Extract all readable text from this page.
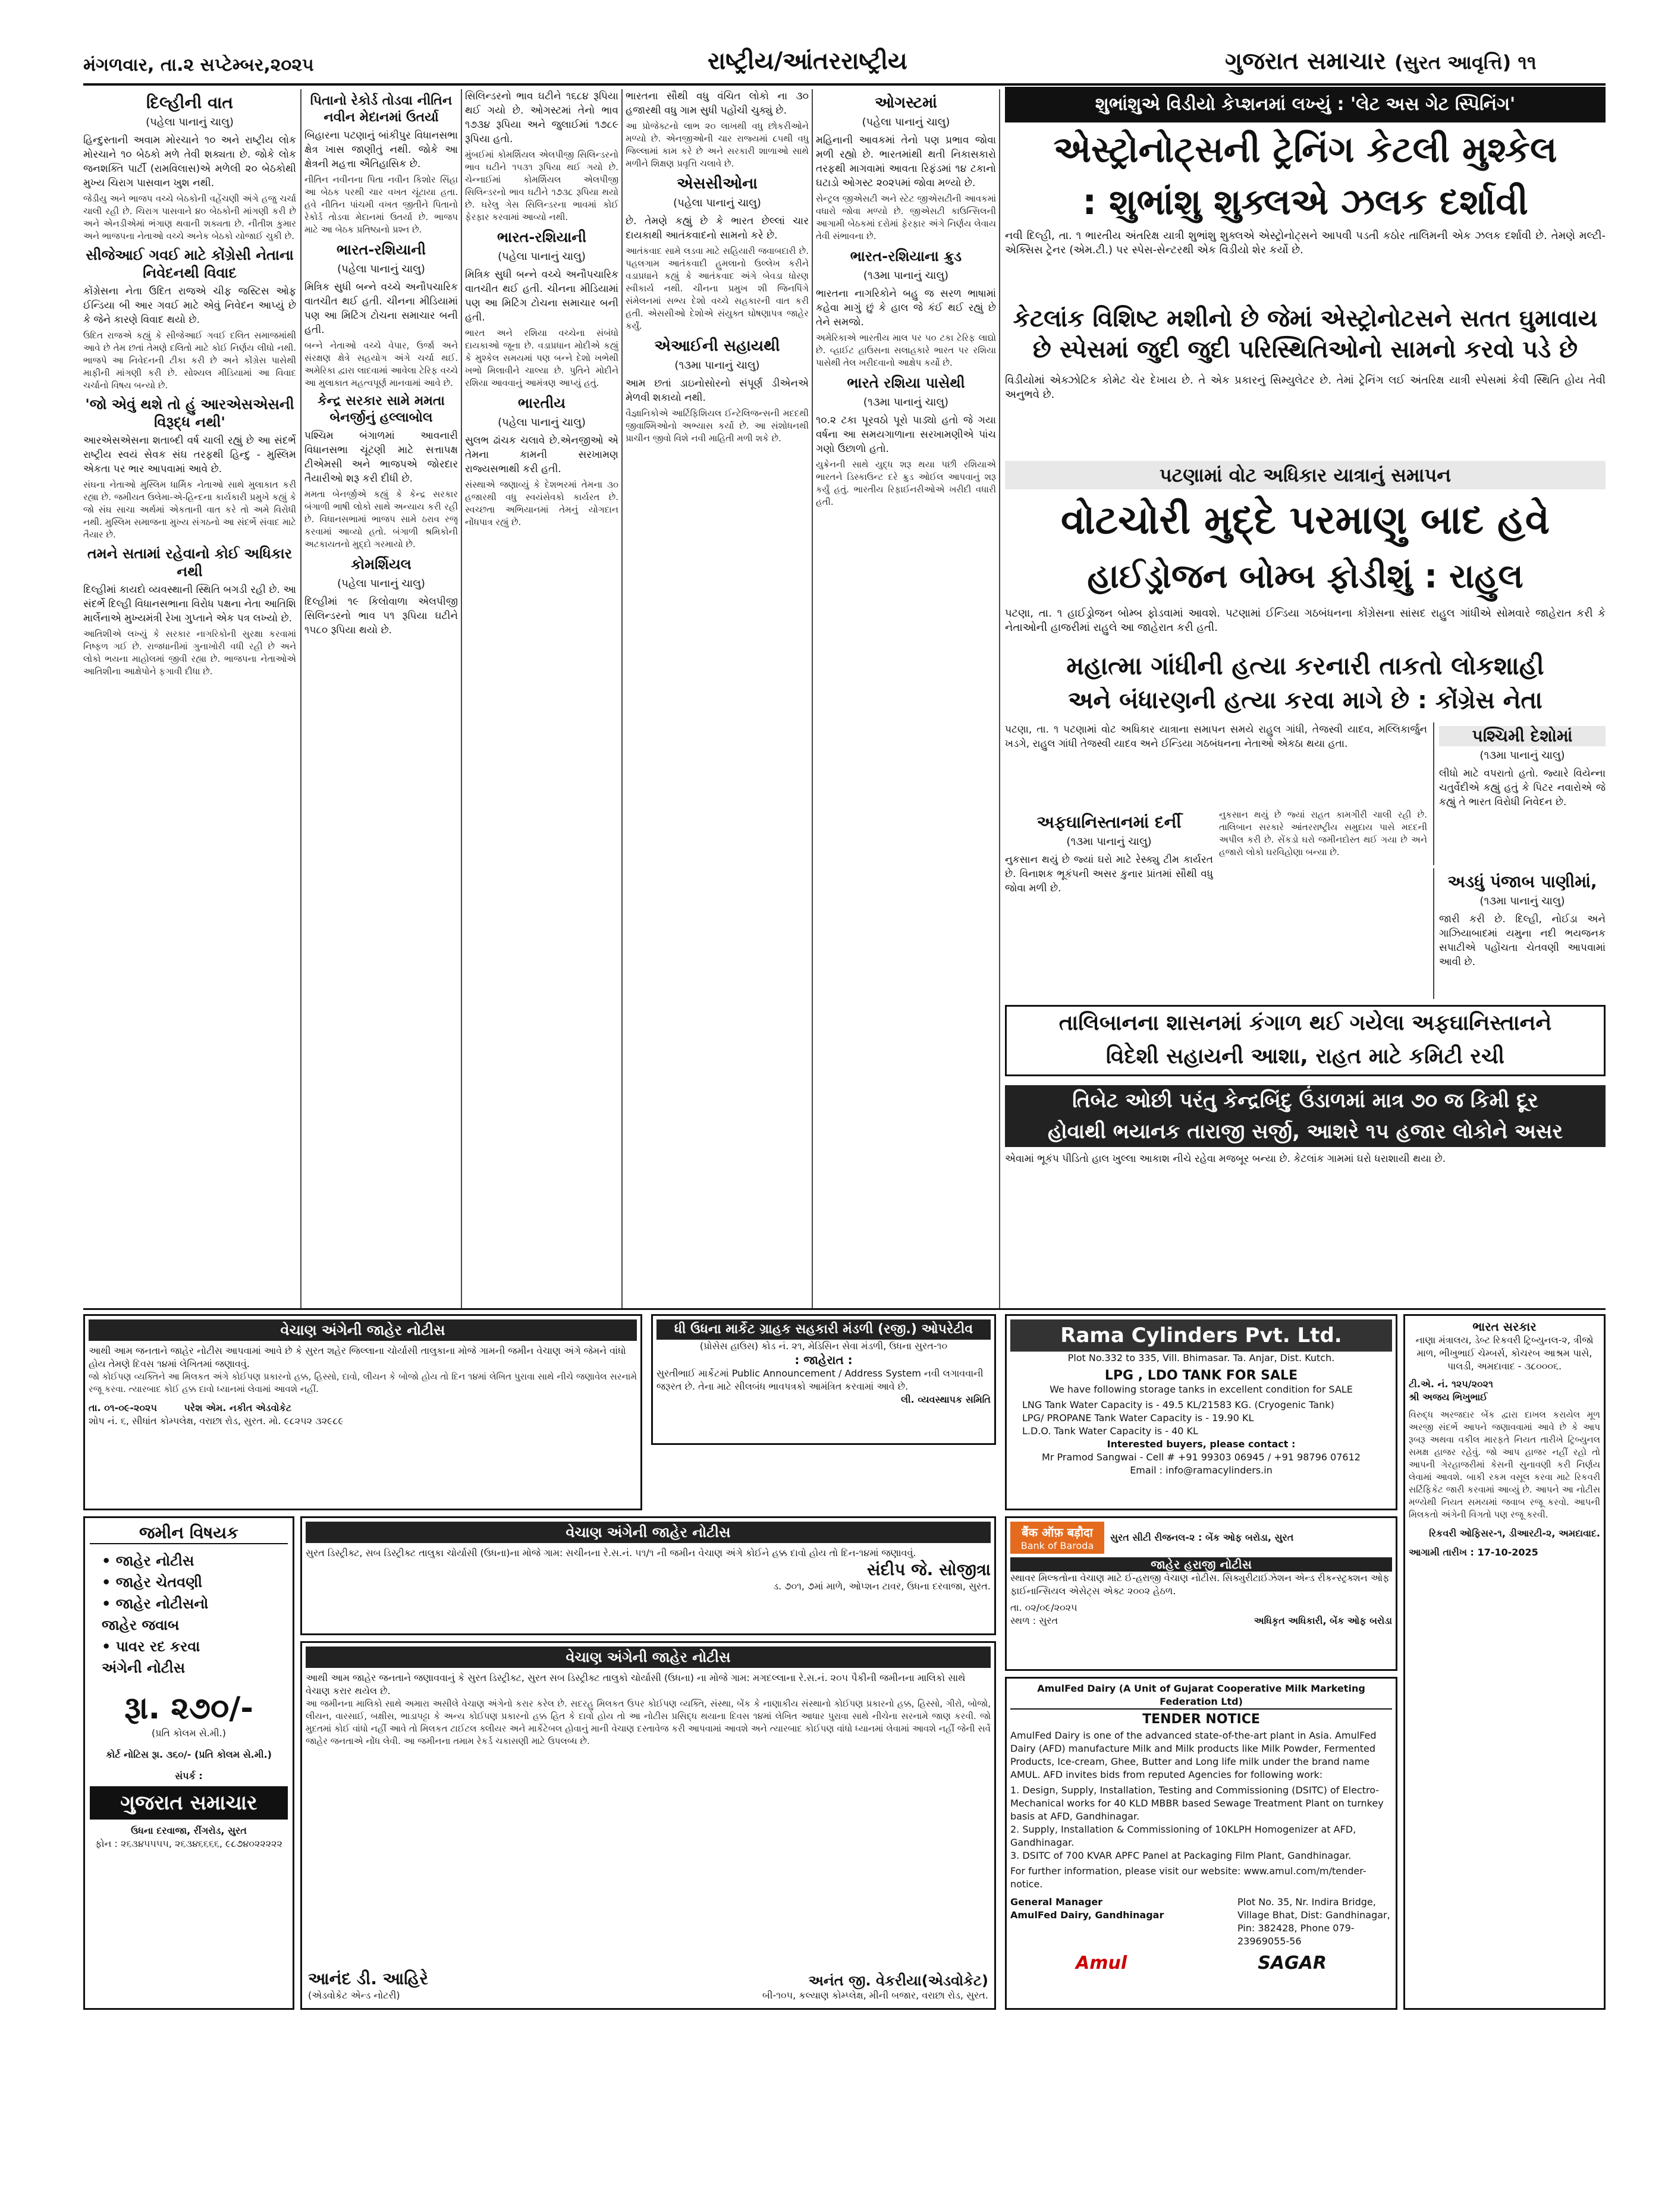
મંગળવાર, તા.૨ સપ્ટેમ્બર,૨૦૨૫	રાષ્ટ્રીય/આંતરરાષ્ટ્રીય	ગુજરાત સમાચાર (સુરત આવૃત્તિ) ૧૧
દિલ્હીની વાત
(પહેલા પાનાનું ચાલુ)

હિન્દુસ્તાની અવામ મોરચાને ૧૦ અને રાષ્ટ્રીય લોક મોરચાને ૧૦ બેઠકો મળે તેવી શક્યતા છે. જોકે લોક જનશક્તિ પાર્ટી (રામવિલાસ)એ મળેલી ૨૦ બેઠકોથી મુખ્ય ચિરાગ પાસવાન ખુશ નથી.

જેડીયુ અને ભાજપ વચ્ચે બેઠકોની વહેંચણી અંગે હજુ ચર્ચા ચાલી રહી છે. ચિરાગ પાસવાને ૪૦ બેઠકોની માંગણી કરી છે અને એનડીએમાં ભંગાણ થવાની શક્યતા છે. નીતીશ કુમાર અને ભાજપના નેતાઓ વચ્ચે અનેક બેઠકો યોજાઈ ચુકી છે.

સીજેઆઈ ગવઈ માટે કોંગ્રેસી નેતાના નિવેદનથી વિવાદ

કોંગ્રેસના નેતા ઉદિત રાજએ ચીફ જસ્ટિસ ઓફ ઈન્ડિયા બી આર ગવઈ માટે એવું નિવેદન આપ્યું છે કે જેને કારણે વિવાદ થયો છે.

ઉદિત રાજએ કહ્યું કે સીજેઆઈ ગવઈ દલિત સમાજમાંથી આવે છે તેમ છતાં તેમણે દલિતો માટે કોઈ નિર્ણય લીધો નથી. ભાજપે આ નિવેદનની ટીકા કરી છે અને કોંગ્રેસ પાસેથી માફીની માંગણી કરી છે. સોશ્યલ મીડિયામાં આ વિવાદ ચર્ચાનો વિષય બન્યો છે.

'જો એવું થશે તો હું આરએસએસની વિરૂદ્ધ નથી'

આરએસએસના શતાબ્દી વર્ષ ચાલી રહ્યું છે આ સંદર્ભે રાષ્ટ્રીય સ્વયં સેવક સંઘ તરફથી હિન્દુ - મુસ્લિમ એકતા પર ભાર આપવામાં આવે છે.

સંઘના નેતાઓ મુસ્લિમ ધાર્મિક નેતાઓ સાથે મુલાકાત કરી રહ્યા છે. જમીયત ઉલેમા-એ-હિન્દના કાર્યકારી પ્રમુખે કહ્યું કે જો સંઘ સાચા અર્થમાં એકતાની વાત કરે તો અમે વિરોધી નથી. મુસ્લિમ સમાજના મુખ્ય સંગઠનો આ સંદર્ભે સંવાદ માટે તૈયાર છે.

તમને સતામાં રહેવાનો કોઈ અધિકાર નથી

દિલ્હીમાં કાયદો વ્યવસ્થાની સ્થિતિ બગડી રહી છે. આ સંદર્ભે દિલ્હી વિધાનસભાના વિરોધ પક્ષના નેતા આતિશિ માર્લેનાએ મુખ્યમંત્રી રેખા ગુપ્તાને એક પત્ર લખ્યો છે.

આતિશીએ લખ્યું કે સરકાર નાગરિકોની સુરક્ષા કરવામાં નિષ્ફળ ગઈ છે. રાજધાનીમાં ગુનાખોરી વધી રહી છે અને લોકો ભયના માહોલમાં જીવી રહ્યા છે. ભાજપના નેતાઓએ આતિશીના આક્ષેપોને ફગાવી દીધા છે.

પિતાનો રેકોર્ડ તોડવા નીતિન નવીન મેદાનમાં ઉતર્યા

બિહારના પટણાનું બાંકીપુર વિધાનસભા ક્ષેત્ર ખાસ જાણીતું નથી. જોકે આ ક્ષેત્રની મહત્તા ઐતિહાસિક છે.

નીતિન નવીનના પિતા નવીન કિશોર સિંહા આ બેઠક પરથી ચાર વખત ચૂંટાયા હતા. હવે નીતિન પાંચમી વખત જીતીને પિતાનો રેકોર્ડ તોડવા મેદાનમાં ઉતર્યા છે. ભાજપ માટે આ બેઠક પ્રતિષ્ઠાનો પ્રશ્ન છે.

ભારત-રશિયાની
(પહેલા પાનાનું ચાલુ)

મિત્રિક સુધી બન્ને વચ્ચે અનૌપચારિક વાતચીત થઈ હતી. ચીનના મીડિયામાં પણ આ મિટિંગ ટોચના સમાચાર બની હતી.

બન્ને નેતાઓ વચ્ચે વેપાર, ઉર્જા અને સંરક્ષણ ક્ષેત્રે સહયોગ અંગે ચર્ચા થઈ. અમેરિકા દ્વારા લાદવામાં આવેલા ટેરિફ વચ્ચે આ મુલાકાત મહત્વપૂર્ણ માનવામાં આવે છે.

કેન્દ્ર સરકાર સામે મમતા બેનર્જીનું હલ્લાબોલ

પશ્ચિમ બંગાળમાં આવનારી વિધાનસભા ચૂંટણી માટે સત્તાપક્ષ ટીએમસી અને ભાજપએ જોરદાર તૈયારીઓ શરૂ કરી દીધી છે.

મમતા બેનર્જીએ કહ્યું કે કેન્દ્ર સરકાર બંગાળી ભાષી લોકો સાથે અન્યાય કરી રહી છે. વિધાનસભામાં ભાજપ સામે ઠરાવ રજૂ કરવામાં આવ્યો હતો. બંગાળી શ્રમિકોની અટકાયતનો મુદ્દો ગરમાયો છે.

કોમર્શિયલ
(પહેલા પાનાનું ચાલુ)

દિલ્હીમાં ૧૯ કિલોવાળા એલપીજી સિલિન્ડરનો ભાવ ૫૧ રૂપિયા ઘટીને ૧૫૮૦ રૂપિયા થયો છે.

સિલિન્ડરનો ભાવ ઘટીને ૧૬૮૪ રૂપિયા થઈ ગયો છે. ઓગસ્ટમાં તેનો ભાવ ૧૭૩૪ રૂપિયા અને જુલાઈમાં ૧૭૮૯ રૂપિયા હતો.

મુંબઈમાં કોમર્શિયલ એલપીજી સિલિન્ડરનો ભાવ ઘટીને ૧૫૩૧ રૂપિયા થઈ ગયો છે. ચેન્નાઈમાં કોમર્શિયલ એલપીજી સિલિન્ડરનો ભાવ ઘટીને ૧૭૩૮ રૂપિયા થયો છે. ઘરેલુ ગેસ સિલિન્ડરના ભાવમાં કોઈ ફેરફાર કરવામાં આવ્યો નથી.

ભારત-રશિયાની
(પહેલા પાનાનું ચાલુ)

મિત્રિક સુધી બન્ને વચ્ચે અનૌપચારિક વાતચીત થઈ હતી. ચીનના મીડિયામાં પણ આ મિટિંગ ટોચના સમાચાર બની હતી.

ભારત અને રશિયા વચ્ચેના સંબંધો દાયકાઓ જૂના છે. વડાપ્રધાન મોદીએ કહ્યું કે મુશ્કેલ સમયમાં પણ બન્ને દેશો ખભેથી ખભો મિલાવીને ચાલ્યા છે. પુતિને મોદીને રશિયા આવવાનું આમંત્રણ આપ્યું હતું.

ભારતીય
(પહેલા પાનાનું ચાલુ)

સુલભ ઢાંચક ચલાવે છે.એનજીઓ એ તેમના કામની સરખામણ રાજ્યસભાથી કરી હતી.

સંસ્થાએ જણાવ્યું કે દેશભરમાં તેમના ૩૦ હજારથી વધુ સ્વયંસેવકો કાર્યરત છે. સ્વચ્છતા અભિયાનમાં તેમનું યોગદાન નોંધપાત્ર રહ્યું છે.

ભારતના સૌથી વધુ વંચિત લોકો ના ૩૦ હજારથી વધુ ગામ સુધી પહોંચી ચુક્યું છે.

આ પ્રોજેક્ટનો લાભ ૨૦ લાખથી વધુ છોકરીઓને મળ્યો છે. એનજીઓની ચાર રાજ્યમાં ૮૫થી વધુ જિલ્લામાં કામ કરે છે અને સરકારી શાળાઓ સાથે મળીને શિક્ષણ પ્રવૃત્તિ ચલાવે છે.

એસસીઓના
(પહેલા પાનાનું ચાલુ)

છે. તેમણે કહ્યું છે કે ભારત છેલ્લાં ચાર દાયકાથી આતંકવાદનો સામનો કરે છે.

આતંકવાદ સામે લડવા માટે સહિયારી જવાબદારી છે. પહલગામ આતંકવાદી હુમલાનો ઉલ્લેખ કરીને વડાપ્રધાને કહ્યું કે આતંકવાદ અંગે બેવડા ધોરણ સ્વીકાર્ય નથી. ચીનના પ્રમુખ શી જિનપિંગે સંમેલનમાં સભ્ય દેશો વચ્ચે સહકારની વાત કરી હતી. એસસીઓ દેશોએ સંયુક્ત ઘોષણાપત્ર જાહેર કર્યું.

એઆઈની સહાયથી
(૧૩મા પાનાનું ચાલુ)

આમ છતાં ડાઇનોસોરનો સંપૂર્ણ ડીએનએ મેળવી શકાયો નથી.

વૈજ્ઞાનિકોએ આર્ટિફિશિયલ ઈન્ટેલિજન્સની મદદથી જીવાશ્મિઓનો અભ્યાસ કર્યો છે. આ સંશોધનથી પ્રાચીન જીવો વિશે નવી માહિતી મળી શકે છે.

ઓગસ્ટમાં
(પહેલા પાનાનું ચાલુ)

મહિનાની આવકમાં તેનો પણ પ્રભાવ જોવા મળી રહ્યો છે. ભારતમાંથી થતી નિકાસકારો તરફથી માગવામાં આવતા રિફંડમાં ૧૪ ટકાનો ઘટાડો ઓગસ્ટ ૨૦૨૫માં જોવા મળ્યો છે.

સેન્ટ્રલ જીએસટી અને સ્ટેટ જીએસટીની આવકમાં વધારો જોવા મળ્યો છે. જીએસટી કાઉન્સિલની આગામી બેઠકમાં દરોમાં ફેરફાર અંગે નિર્ણય લેવાય તેવી સંભાવના છે.

ભારત-રશિયાના ક્રુડ
(૧૩મા પાનાનું ચાલુ)

ભારતના નાગરિકોને બહુ જ સરળ ભાષામાં કહેવા માગું છું કે હાલ જે કંઈ થઈ રહ્યું છે તેને સમજો.

અમેરિકાએ ભારતીય માલ પર ૫૦ ટકા ટેરિફ લાદ્યો છે. વ્હાઈટ હાઉસના સલાહકારે ભારત પર રશિયા પાસેથી તેલ ખરીદવાનો આક્ષેપ કર્યો છે.

ભારતે રશિયા પાસેથી
(૧૩મા પાનાનું ચાલુ)

૧૦.૨ ટકા પૂરવઠો પૂરો પાડ્યો હતો જે ગયા વર્ષના આ સમયગાળાના સરખામણીએ પાંચ ગણો ઉછાળો હતો.

યુક્રેનની સાથે યુદ્ધ શરૂ થયા પછી રશિયાએ ભારતને ડિસ્કાઉન્ટ દરે ક્રુડ ઓઈલ આપવાનું શરૂ કર્યું હતું. ભારતીય રિફાઈનરીઓએ ખરીદી વધારી હતી.

શુભાંશુએ વિડીયો કેપ્શનમાં લખ્યું : 'લેટ અસ ગેટ સ્પિનિંગ'
એસ્ટ્રોનોટ્સની ટ્રેનિંગ કેટલી મુશ્કેલ
: શુભાંશુ શુક્લએ ઝલક દર્શાવી
નવી દિલ્હી, તા. ૧ ભારતીય અંતરિક્ષ યાત્રી શુભાંશુ શુક્લએ એસ્ટ્રોનોટ્સને આપવી પડતી કઠોર તાલિમની એક ઝલક દર્શાવી છે. તેમણે મલ્ટી-એક્સિસ ટ્રેનર (એમ.ટી.) પર સ્પેસ-સેન્ટરથી એક વિડીયો શેર કર્યો છે.
કેટલાંક વિશિષ્ટ મશીનો છે જેમાં એસ્ટ્રોનોટસને સતત ઘુમાવાય છે સ્પેસમાં જુદી જુદી પરિસ્થિતિઓનો સામનો કરવો પડે છે
વિડીયોમાં એક્ઝોટિક કોમેટ ચેર દેખાય છે. તે એક પ્રકારનું સિમ્યુલેટર છે. તેમાં ટ્રેનિંગ લઈ અંતરિક્ષ યાત્રી સ્પેસમાં કેવી સ્થિતિ હોય તેવી અનુભવે છે.
પટણામાં વોટ અધિકાર યાત્રાનું સમાપન
વોટચોરી મુદ્દે પરમાણુ બાદ હવે
હાઈડ્રોજન બોમ્બ ફોડીશું : રાહુલ
પટણા, તા. ૧ હાઈડ્રોજન બોમ્બ ફોડવામાં આવશે. પટણામાં ઈન્ડિયા ગઠબંધનના કોંગ્રેસના સાંસદ રાહુલ ગાંધીએ સોમવારે જાહેરાત કરી કે નેતાઓની હાજરીમાં રાહુલે આ જાહેરાત કરી હતી.
મહાત્મા ગાંધીની હત્યા કરનારી તાકતો લોકશાહી
અને બંધારણની હત્યા કરવા માગે છે : કોંગ્રેસ નેતા
પટણા, તા. ૧ પટણામાં વોટ અધિકાર યાત્રાના સમાપન સમયે રાહુલ ગાંધી, તેજસ્વી યાદવ, મલ્લિકાર્જુન ખડગે, રાહુલ ગાંધી તેજસ્વી યાદવ અને ઈન્ડિયા ગઠબંધનના નેતાઓ એકઠા થયા હતા.	પશ્ચિમી દેશોમાં
(૧૩મા પાનાનું ચાલુ)

લીધો માટે વપરાતો હતો. જ્યારે વિયેન્ના ચતુર્વેદીએ કહ્યું હતું કે પિટર નવારોએ જે કહ્યું તે ભારત વિરોધી નિવેદન છે.

અફઘાનિસ્તાનમાં દર્ની
(૧૩મા પાનાનું ચાલુ)

નુકસાન થયું છે જ્યાં ઘરો માટે રેસ્ક્યુ ટીમ કાર્યરત છે. વિનાશક ભૂકંપની અસર કુનાર પ્રાંતમાં સૌથી વધુ જોવા મળી છે.

નુકસાન થયું છે જ્યાં રાહત કામગીરી ચાલી રહી છે. તાલિબાન સરકારે આંતરરાષ્ટ્રીય સમુદાય પાસે મદદની અપીલ કરી છે. સેંકડો ઘરો જમીનદોસ્ત થઈ ગયા છે અને હજારો લોકો ઘરવિહોણા બન્યા છે.
અડધું પંજાબ પાણીમાં,
(૧૩મા પાનાનું ચાલુ)

જારી કરી છે. દિલ્હી, નોઈડા અને ગાઝિયાબાદમાં યમુના નદી ભયજનક સપાટીએ પહોંચતા ચેતવણી આપવામાં આવી છે.

તાલિબાનના શાસનમાં કંગાળ થઈ ગયેલા અફઘાનિસ્તાનને
વિદેશી સહાયની આશા, રાહત માટે કમિટી રચી
તિબેટ ઓછી પરંતુ કેન્દ્રબિંદુ ઉંડાળમાં માત્ર ૭૦ જ કિમી દૂર
હોવાથી ભયાનક તારાજી સર્જી, આશરે ૧૫ હજાર લોકોને અસર
એવામાં ભૂકંપ પીડિતો હાલ ખુલ્લા આકાશ નીચે રહેવા મજબૂર બન્યા છે. કેટલાંક ગામમાં ઘરો ધરાશાયી થયા છે.
ધી ઉધના માર્કેટ ગ્રાહક સહકારી મંડળી (રજી.) ઓપરેટીવ
(પ્રોસેસ હાઉસ) કોડ નં. ૨૧, મેડિસિન સેવા મંડળી, ઉધના સુરત-૧૦
: જાહેરાત :
સુરતીભાઈ માર્કેટમાં Public Announcement / Address System નવી લગાવવાની જરૂરત છે. તેના માટે સીલબંધ ભાવપત્રકો આમંત્રિત કરવામાં આવે છે.
લી. વ્યવસ્થાપક સમિતિ
વેચાણ અંગેની જાહેર નોટીસ
આથી આમ જનતાને જાહેર નોટીસ આપવામાં આવે છે કે સુરત શહેર જિલ્લાના ચોર્યાસી તાલુકાના મોજે ગામની જમીન વેચાણ અંગે જેમને વાંધો હોય તેમણે દિવસ ૧૪માં લેખિતમાં જણાવવું.
જો કોઈપણ વ્યક્તિને આ મિલકત અંગે કોઈપણ પ્રકારનો હક્ક, હિસ્સો, દાવો, લીયન કે બોજો હોય તો દિન ૧૪માં લેખિત પુરાવા સાથે નીચે જણાવેલ સરનામે રજૂ કરવા. ત્યારબાદ કોઈ હક્ક દાવો ધ્યાનમાં લેવામાં આવશે નહીં.
તા. ૦૧-૦૯-૨૦૨૫	પરેશ એમ. નકીત એડવોકેટ
શોપ નં. ૬, સીધાંત કોમ્પલેક્ષ, વરાછા રોડ, સુરત. મો. ૯૮૨૫૨ ૩૨૯૮૯
વેચાણ અંગેની જાહેર નોટીસ
સુરત ડિસ્ટ્રીક્ટ, સબ ડિસ્ટ્રીક્ટ તાલુકા ચોર્યાસી (ઉધના)ના મોજે ગામ: સચીનના રે.સ.નં. ૫૧/૧ ની જમીન વેચાણ અંગે કોઈને હક્ક દાવો હોય તો દિન-૧૪માં જણાવવું.
સંદીપ જે. સોજીત્રા
ડ. ૭૦૧, ૭માં માળે, ઓપ્શન ટાવર, ઉધના દરવાજા, સુરત.
વેચાણ અંગેની જાહેર નોટીસ
આથી આમ જાહેર જનતાને જણાવવાનું કે સુરત ડિસ્ટ્રીક્ટ, સુરત સબ ડિસ્ટ્રીક્ટ તાલુકો ચોર્યાસી (ઉધના) ના મોજે ગામ: મગદલ્લાના રે.સ.નં. ૨૦૫ પૈકીની જમીનના માલિકો સાથે વેચાણ કરાર થયેલ છે.
આ જમીનના માલિકો સાથે અમારા અસીલે વેચાણ અંગેનો કરાર કરેલ છે. સદરહુ મિલકત ઉપર કોઈપણ વ્યક્તિ, સંસ્થા, બેંક કે નાણાકીય સંસ્થાનો કોઈપણ પ્રકારનો હક્ક, હિસ્સો, ગીરો, બોજો, લીયન, વારસાઈ, બક્ષીસ, ભાડાપટ્ટા કે અન્ય કોઈપણ પ્રકારનો હક્ક હિત કે દાવો હોય તો આ નોટીસ પ્રસિદ્ધ થયાના દિવસ ૧૪માં લેખિત આધાર પુરાવા સાથે નીચેના સરનામે જાણ કરવી. જો મુદતમાં કોઈ વાંધો નહીં આવે તો મિલકત ટાઈટલ ક્લીયર અને માર્કેટેબલ હોવાનું માની વેચાણ દસ્તાવેજ કરી આપવામાં આવશે અને ત્યારબાદ કોઈપણ વાંધો ધ્યાનમાં લેવામાં આવશે નહીં જેની સર્વે જાહેર જનતાએ નોંધ લેવી. આ જમીનના તમામ રેકર્ડ ચકાસણી માટે ઉપલબ્ધ છે.
આનંદ ડી. આહિરે
(એડવોકેટ એન્ડ નોટરી)
અનંત જી. વેકરીયા(એડવોકેટ)
બી-૧૦૫, કલ્યાણ કોમ્પ્લેક્ષ, મીની બજાર, વરાછા રોડ, સુરત.
જમીન વિષયક
• જાહેર નોટીસ
• જાહેર ચેતવણી
• જાહેર નોટીસનો
જાહેર જવાબ
• પાવર રદ કરવા
અંગેની નોટીસ
રૂા. ૨૭૦/-
(પ્રતિ કોલમ સે.મી.)
કોર્ટ નોટિસ રૂા. ૩૬૦/- (પ્રતિ કોલમ સે.મી.)
સંપર્ક :
ગુજરાત સમાચાર
ઉધના દરવાજા, રીંગરોડ, સુરત
ફોન : ૨૬૩૪૫૫૫૫, ૨૬૩૪૬૬૬૬, ૯૮૭૪૦૨૨૨૨૨
Rama Cylinders Pvt. Ltd.
Plot No.332 to 335, Vill. Bhimasar. Ta. Anjar, Dist. Kutch.
LPG , LDO TANK FOR SALE
We have following storage tanks in excellent condition for SALE
LNG Tank Water Capacity is - 49.5 KL/21583 KG. (Cryogenic Tank)
LPG/ PROPANE Tank Water Capacity is - 19.90 KL
L.D.O. Tank Water Capacity is - 40 KL
Interested buyers, please contact :
Mr Pramod Sangwai - Cell # +91 99303 06945 / +91 98796 07612
Email : info@ramacylinders.in
बैंक ऑफ़ बड़ौदा
Bank of Baroda
સુરત સીટી રીજનલ-૨ : બેંક ઓફ બરોડા, સુરત
જાહેર હરાજી નોટીસ
સ્થાવર મિલ્કતોના વેચાણ માટે ઈ-હરાજી વેચાણ નોટીસ. સિક્યુરીટાઈઝેશન એન્ડ રીકન્સ્ટ્રક્શન ઓફ ફાઈનાન્સિયલ એસેટ્સ એક્ટ ૨૦૦૨ હેઠળ.
તા. ૦૨/૦૯/૨૦૨૫
સ્થળ : સુરત	અધિકૃત અધિકારી, બેંક ઓફ બરોડા
AmulFed Dairy (A Unit of Gujarat Cooperative Milk Marketing Federation Ltd)
TENDER NOTICE
AmulFed Dairy is one of the advanced state-of-the-art plant in Asia. AmulFed Dairy (AFD) manufacture Milk and Milk products like Milk Powder, Fermented Products, Ice-cream, Ghee, Butter and Long life milk under the brand name AMUL. AFD invites bids from reputed Agencies for following work:
1. Design, Supply, Installation, Testing and Commissioning (DSITC) of Electro-Mechanical works for 40 KLD MBBR based Sewage Treatment Plant on turnkey basis at AFD, Gandhinagar.
2. Supply, Installation & Commissioning of 10KLPH Homogenizer at AFD, Gandhinagar.
3. DSITC of 700 KVAR APFC Panel at Packaging Film Plant, Gandhinagar.
For further information, please visit our website: www.amul.com/m/tender-notice.
General Manager
AmulFed Dairy, Gandhinagar
Plot No. 35, Nr. Indira Bridge, Village Bhat, Dist: Gandhinagar, Pin: 382428, Phone 079-23969055-56
Amul	SAGAR
ભારત સરકાર
નાણા મંત્રાલય, ડેબ્ટ રિકવરી ટ્રિબ્યુનલ-૨, ત્રીજો માળ, ભીખુભાઈ ચેમ્બર્સ, કોચરબ આશ્રમ પાસે, પાલડી, અમદાવાદ - ૩૮૦૦૦૬.
ટી.એ. નં. ૧૨૫/૨૦૨૧
શ્રી અજય ભિખુભાઈ
વિરુદ્ધ અરજદાર બેંક દ્વારા દાખલ કરાયેલ મૂળ અરજી સંદર્ભે આપને જણાવવામાં આવે છે કે આપ રૂબરૂ અથવા વકીલ મારફતે નિયત તારીખે ટ્રિબ્યુનલ સમક્ષ હાજર રહેવું. જો આપ હાજર નહીં રહો તો આપની ગેરહાજરીમાં કેસની સુનાવણી કરી નિર્ણય લેવામાં આવશે. બાકી રકમ વસૂલ કરવા માટે રિકવરી સર્ટિફિકેટ જારી કરવામાં આવ્યું છે. આપને આ નોટીસ મળ્યેથી નિયત સમયમાં જવાબ રજૂ કરવો. આપની મિલકતો અંગેની વિગતો પણ રજૂ કરવી.
રિકવરી ઓફિસર-૧, ડીઆરટી-૨, અમદાવાદ.
આગામી તારીખ : 17-10-2025
